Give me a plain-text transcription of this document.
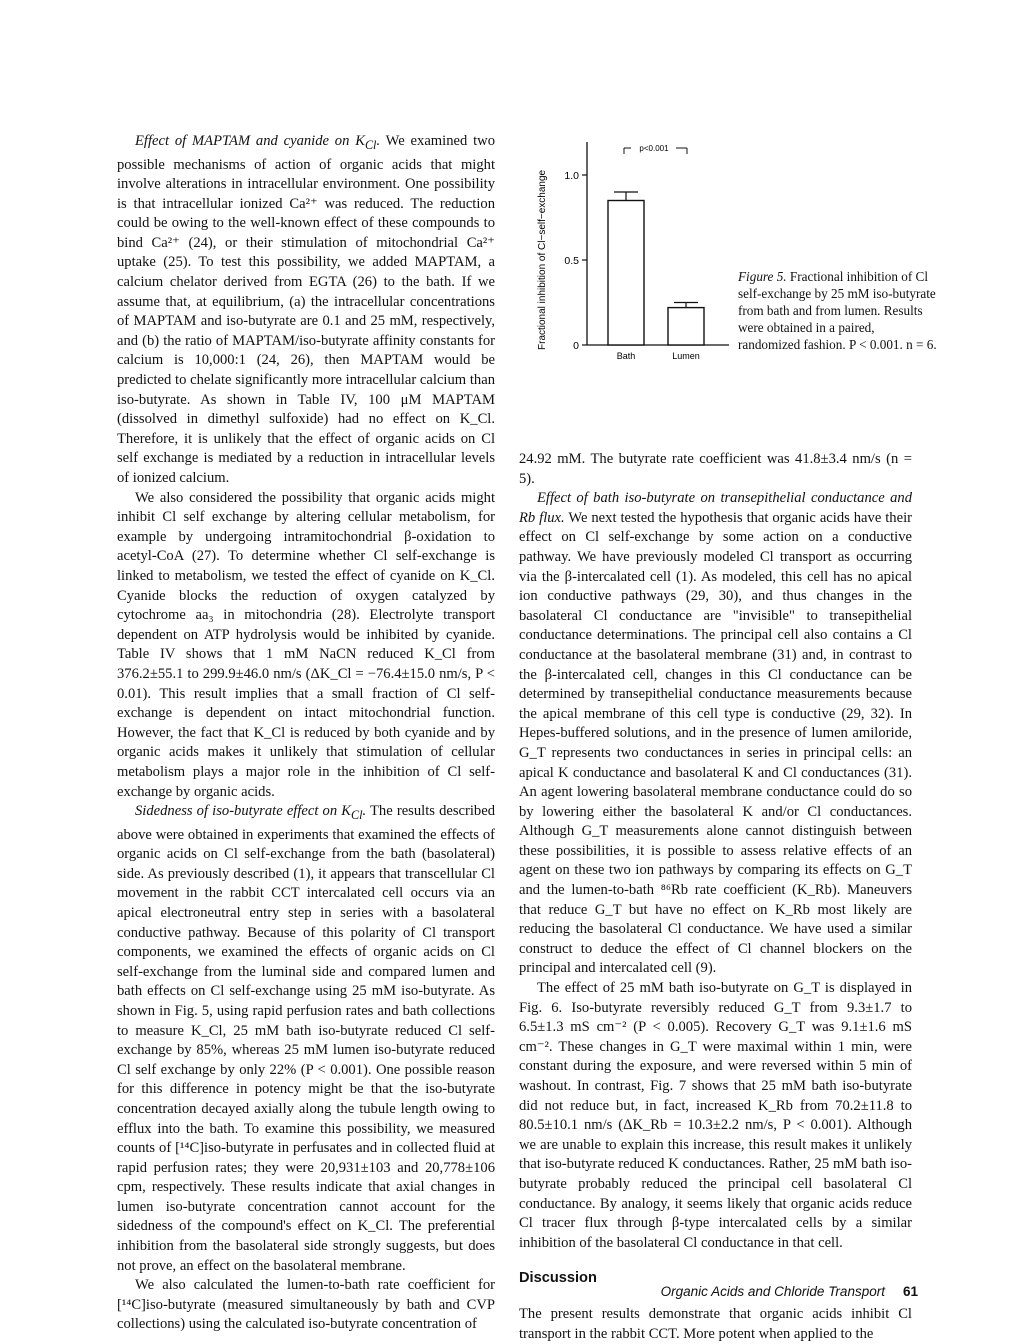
Effect of MAPTAM and cyanide on $K_{Cl}$. We examined two possible mechanisms of action of organic acids that might involve alterations in intracellular environment. One possibility is that intracellular ionized Ca²⁺ was reduced. The reduction could be owing to the well-known effect of these compounds to bind Ca²⁺ (24), or their stimulation of mitochondrial Ca²⁺ uptake (25). To test this possibility, we added MAPTAM, a calcium chelator derived from EGTA (26) to the bath. If we assume that, at equilibrium, (a) the intracellular concentrations of MAPTAM and iso-butyrate are 0.1 and 25 mM, respectively, and (b) the ratio of MAPTAM/iso-butyrate affinity constants for calcium is 10,000:1 (24, 26), then MAPTAM would be predicted to chelate significantly more intracellular calcium than iso-butyrate. As shown in Table IV, 100 μM MAPTAM (dissolved in dimethyl sulfoxide) had no effect on K_Cl. Therefore, it is unlikely that the effect of organic acids on Cl self exchange is mediated by a reduction in intracellular levels of ionized calcium.

We also considered the possibility that organic acids might inhibit Cl self exchange by altering cellular metabolism, for example by undergoing intramitochondrial β-oxidation to acetyl-CoA (27). To determine whether Cl self-exchange is linked to metabolism, we tested the effect of cyanide on K_Cl. Cyanide blocks the reduction of oxygen catalyzed by cytochrome aa₃ in mitochondria (28). Electrolyte transport dependent on ATP hydrolysis would be inhibited by cyanide. Table IV shows that 1 mM NaCN reduced K_Cl from 376.2±55.1 to 299.9±46.0 nm/s (ΔK_Cl = −76.4±15.0 nm/s, P < 0.01). This result implies that a small fraction of Cl self-exchange is dependent on intact mitochondrial function. However, the fact that K_Cl is reduced by both cyanide and by organic acids makes it unlikely that stimulation of cellular metabolism plays a major role in the inhibition of Cl self-exchange by organic acids.

Sidedness of iso-butyrate effect on $K_{Cl}$. The results described above were obtained in experiments that examined the effects of organic acids on Cl self-exchange from the bath (basolateral) side. As previously described (1), it appears that transcellular Cl movement in the rabbit CCT intercalated cell occurs via an apical electroneutral entry step in series with a basolateral conductive pathway. Because of this polarity of Cl transport components, we examined the effects of organic acids on Cl self-exchange from the luminal side and compared lumen and bath effects on Cl self-exchange using 25 mM iso-butyrate. As shown in Fig. 5, using rapid perfusion rates and bath collections to measure K_Cl, 25 mM bath iso-butyrate reduced Cl self-exchange by 85%, whereas 25 mM lumen iso-butyrate reduced Cl self exchange by only 22% (P < 0.001). One possible reason for this difference in potency might be that the iso-butyrate concentration decayed axially along the tubule length owing to efflux into the bath. To examine this possibility, we measured counts of [¹⁴C]iso-butyrate in perfusates and in collected fluid at rapid perfusion rates; they were 20,931±103 and 20,778±106 cpm, respectively. These results indicate that axial changes in lumen iso-butyrate concentration cannot account for the sidedness of the compound's effect on K_Cl. The preferential inhibition from the basolateral side strongly suggests, but does not prove, an effect on the basolateral membrane.

We also calculated the lumen-to-bath rate coefficient for [¹⁴C]iso-butyrate (measured simultaneously by bath and CVP collections) using the calculated iso-butyrate concentration of

Fractional inhibition of Cl−self−exchange 0
0.5
1.0
Bath	Lumen
p<0.001
Figure 5. Fractional inhibition of Cl self-exchange by 25 mM iso-butyrate from bath and from lumen. Results were obtained in a paired, randomized fashion. P < 0.001. n = 6.

24.92 mM. The butyrate rate coefficient was 41.8±3.4 nm/s (n = 5).

Effect of bath iso-butyrate on transepithelial conductance and Rb flux. We next tested the hypothesis that organic acids have their effect on Cl self-exchange by some action on a conductive pathway. We have previously modeled Cl transport as occurring via the β-intercalated cell (1). As modeled, this cell has no apical ion conductive pathways (29, 30), and thus changes in the basolateral Cl conductance are "invisible" to transepithelial conductance determinations. The principal cell also contains a Cl conductance at the basolateral membrane (31) and, in contrast to the β-intercalated cell, changes in this Cl conductance can be determined by transepithelial conductance measurements because the apical membrane of this cell type is conductive (29, 32). In Hepes-buffered solutions, and in the presence of lumen amiloride, G_T represents two conductances in series in principal cells: an apical K conductance and basolateral K and Cl conductances (31). An agent lowering basolateral membrane conductance could do so by lowering either the basolateral K and/or Cl conductances. Although G_T measurements alone cannot distinguish between these possibilities, it is possible to assess relative effects of an agent on these two ion pathways by comparing its effects on G_T and the lumen-to-bath ⁸⁶Rb rate coefficient (K_Rb). Maneuvers that reduce G_T but have no effect on K_Rb most likely are reducing the basolateral Cl conductance. We have used a similar construct to deduce the effect of Cl channel blockers on the principal and intercalated cell (9).

The effect of 25 mM bath iso-butyrate on G_T is displayed in Fig. 6. Iso-butyrate reversibly reduced G_T from 9.3±1.7 to 6.5±1.3 mS cm⁻² (P < 0.005). Recovery G_T was 9.1±1.6 mS cm⁻². These changes in G_T were maximal within 1 min, were constant during the exposure, and were reversed within 5 min of washout. In contrast, Fig. 7 shows that 25 mM bath iso-butyrate did not reduce but, in fact, increased K_Rb from 70.2±11.8 to 80.5±10.1 nm/s (ΔK_Rb = 10.3±2.2 nm/s, P < 0.001). Although we are unable to explain this increase, this result makes it unlikely that iso-butyrate reduced K conductances. Rather, 25 mM bath iso-butyrate probably reduced the principal cell basolateral Cl conductance. By analogy, it seems likely that organic acids reduce Cl tracer flux through β-type intercalated cells by a similar inhibition of the basolateral Cl conductance in that cell.

Discussion

The present results demonstrate that organic acids inhibit Cl transport in the rabbit CCT. More potent when applied to the

Organic Acids and Chloride Transport 61
